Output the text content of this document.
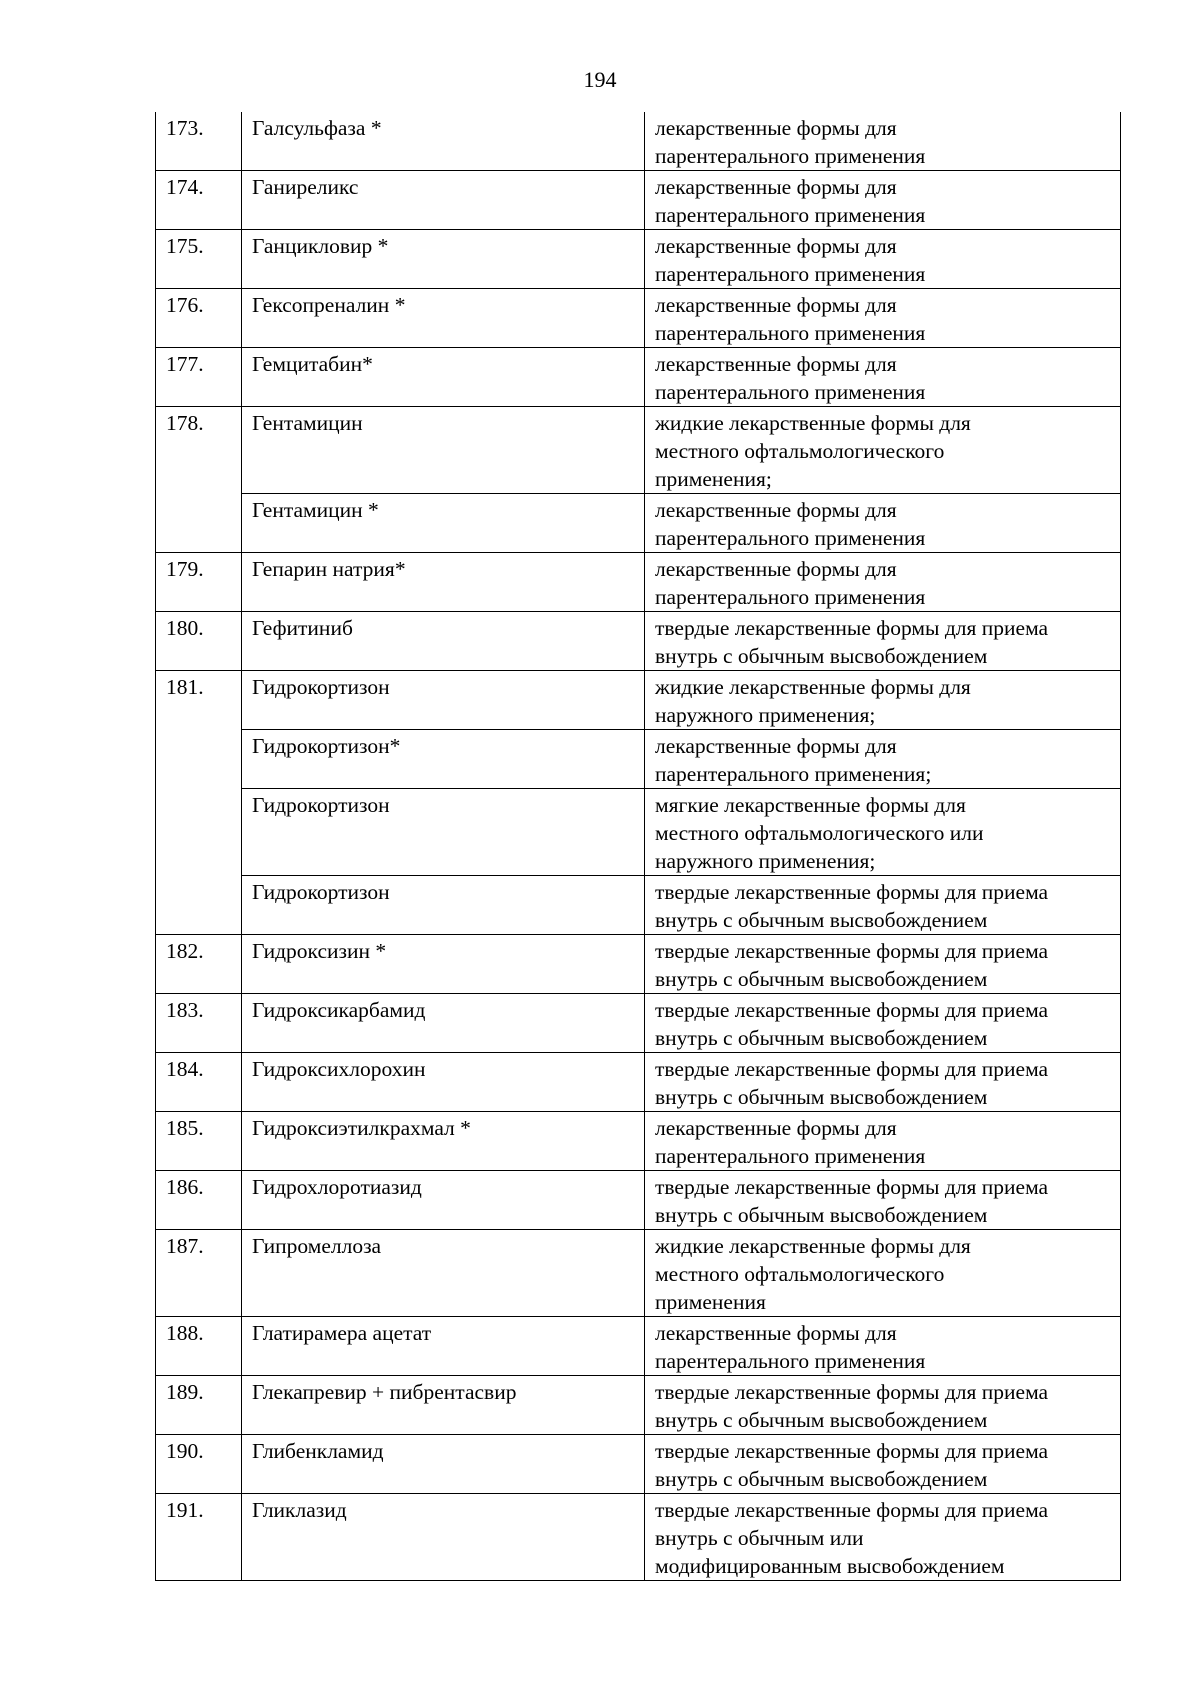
194
173.	Галсульфаза *	лекарственные формы для
парентерального применения

174.	Ганиреликс	лекарственные формы для
парентерального применения

175.	Ганцикловир *	лекарственные формы для
парентерального применения

176.	Гексопреналин *	лекарственные формы для
парентерального применения

177.	Гемцитабин*	лекарственные формы для
парентерального применения

178.	Гентамицин	жидкие лекарственные формы для
местного офтальмологического
применения;

	Гентамицин *	лекарственные формы для
парентерального применения

179.	Гепарин натрия*	лекарственные формы для
парентерального применения

180.	Гефитиниб	твердые лекарственные формы для приема
внутрь с обычным высвобождением

181.	Гидрокортизон	жидкие лекарственные формы для
наружного применения;

	Гидрокортизон*	лекарственные формы для
парентерального применения;

	Гидрокортизон	мягкие лекарственные формы для
местного офтальмологического или
наружного применения;

	Гидрокортизон	твердые лекарственные формы для приема
внутрь с обычным высвобождением

182.	Гидроксизин *	твердые лекарственные формы для приема
внутрь с обычным высвобождением

183.	Гидроксикарбамид	твердые лекарственные формы для приема
внутрь с обычным высвобождением

184.	Гидроксихлорохин	твердые лекарственные формы для приема
внутрь с обычным высвобождением

185.	Гидроксиэтилкрахмал *	лекарственные формы для
парентерального применения

186.	Гидрохлоротиазид	твердые лекарственные формы для приема
внутрь с обычным высвобождением

187.	Гипромеллоза	жидкие лекарственные формы для
местного офтальмологического
применения

188.	Глатирамера ацетат	лекарственные формы для
парентерального применения

189.	Глекапревир + пибрентасвир	твердые лекарственные формы для приема
внутрь с обычным высвобождением

190.	Глибенкламид	твердые лекарственные формы для приема
внутрь с обычным высвобождением

191.	Гликлазид	твердые лекарственные формы для приема
внутрь с обычным или
модифицированным высвобождением
